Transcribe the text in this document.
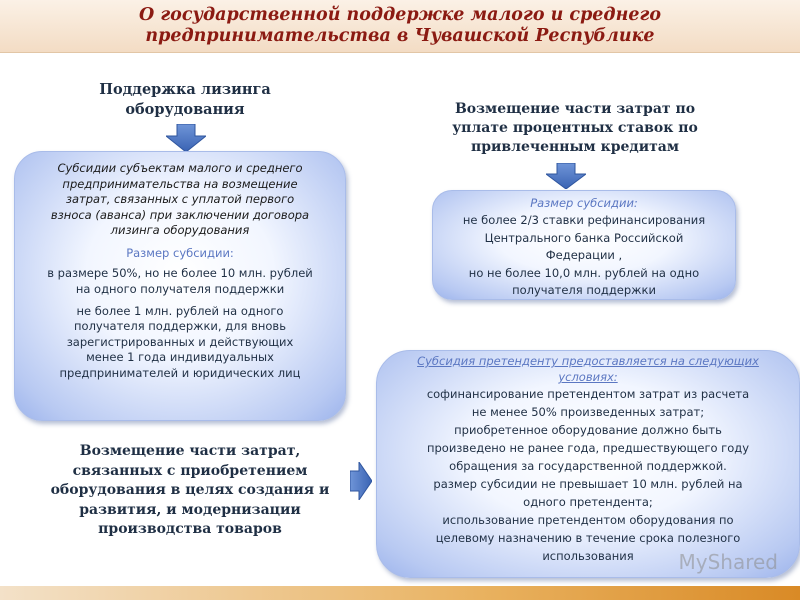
О государственной поддержке малого и среднего
предпринимательства в Чувашской Республике
Поддержка лизинга
оборудования
Субсидии субъектам малого и среднего
предпринимательства на возмещение
затрат, связанных с уплатой первого
взноса (аванса) при заключении договора
лизинга оборудования
Размер субсидии:
в размере 50%, но не более 10 млн. рублей
на одного получателя поддержки
не более 1 млн. рублей на одного
получателя поддержки, для вновь
зарегистрированных и действующих
менее 1 года индивидуальных
предпринимателей и юридических лиц
Возмещение части затрат по
уплате процентных ставок по
привлеченным кредитам
Размер субсидии:
не более 2/3 ставки рефинансирования
Центрального банка Российской
Федерации ,
но не более 10,0 млн. рублей на одно
получателя поддержки
Возмещение части затрат,
связанных с приобретением
оборудования в целях создания и
развития, и модернизации
производства товаров
Субсидия претенденту предоставляется на следующих
условиях:
софинансирование претендентом затрат из расчета
не менее 50% произведенных затрат;
приобретенное оборудование должно быть
произведено не ранее года, предшествующего году
обращения за государственной поддержкой.
размер субсидии не превышает 10 млн. рублей на
одного претендента;
использование претендентом оборудования по
целевому назначению в течение срока полезного
использования	MyShared
